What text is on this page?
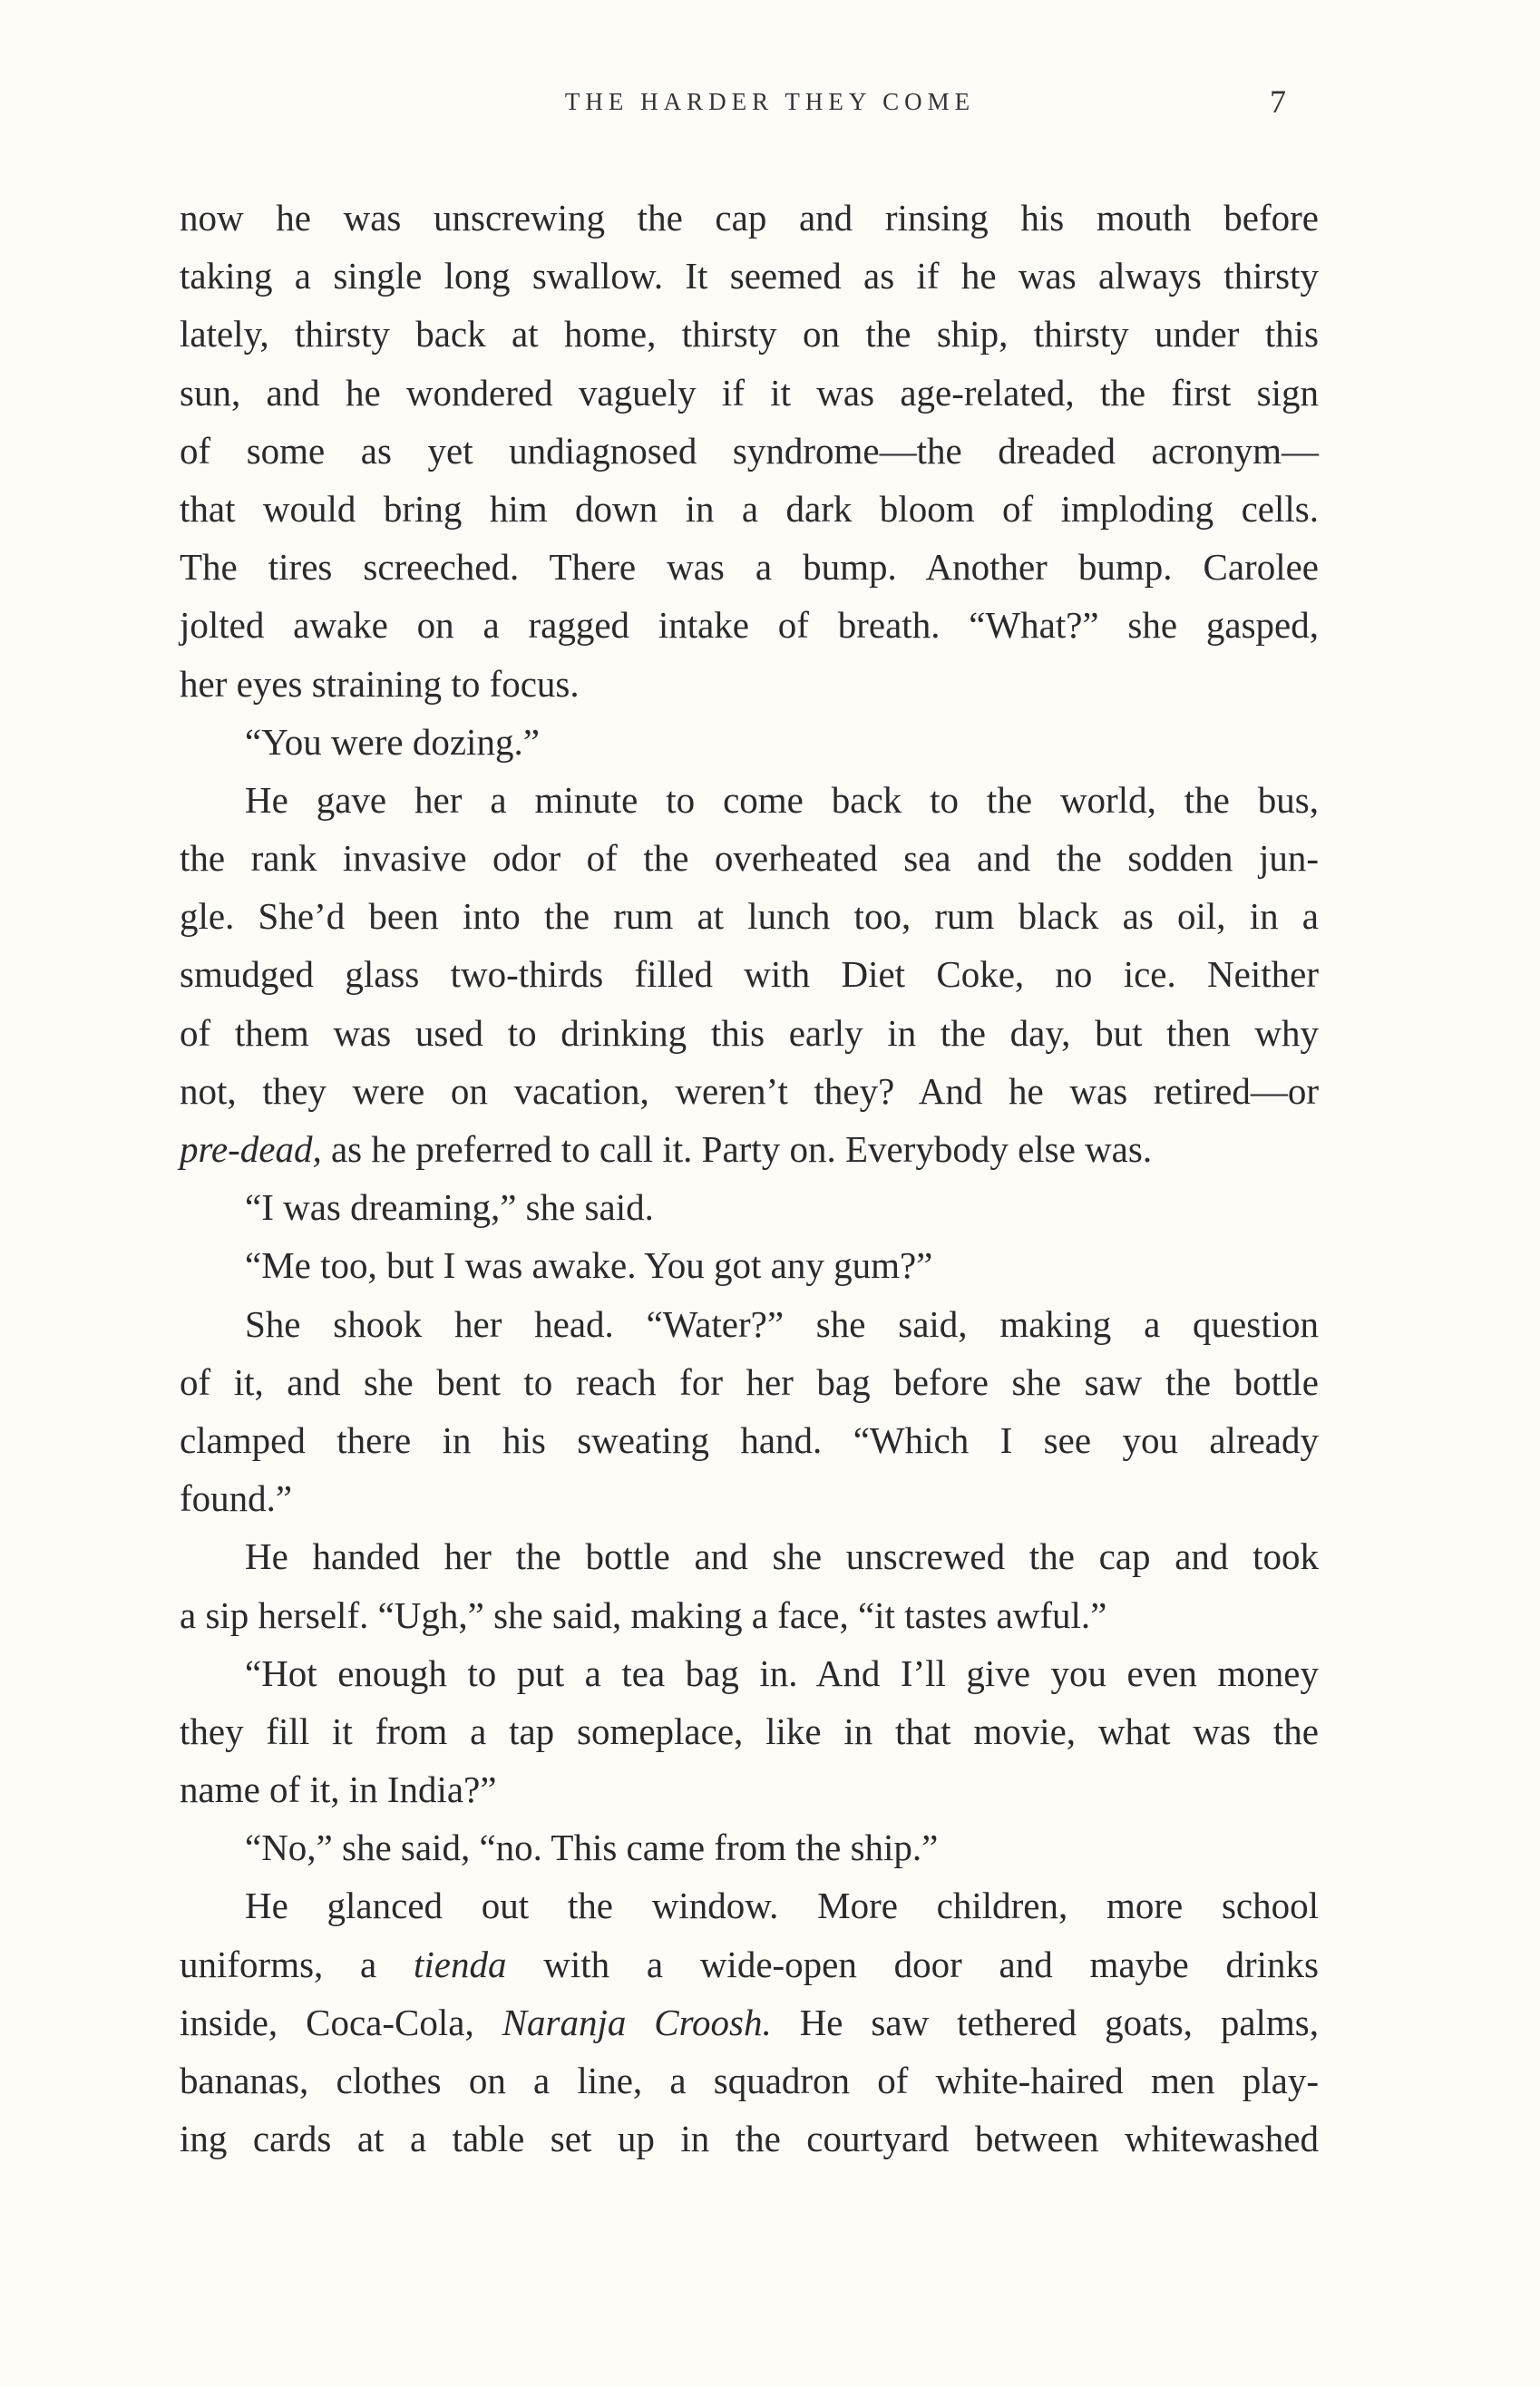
THE HARDER THEY COME	7
now he was unscrewing the cap and rinsing his mouth before
taking a single long swallow. It seemed as if he was always thirsty
lately, thirsty back at home, thirsty on the ship, thirsty under this
sun, and he wondered vaguely if it was age-related, the first sign
of some as yet undiagnosed syndrome—the dreaded acronym—
that would bring him down in a dark bloom of imploding cells.
The tires screeched. There was a bump. Another bump. Carolee
jolted awake on a ragged intake of breath. “What?” she gasped,
her eyes straining to focus.
“You were dozing.”
He gave her a minute to come back to the world, the bus,
the rank invasive odor of the overheated sea and the sodden jun-
gle. She’d been into the rum at lunch too, rum black as oil, in a
smudged glass two-thirds filled with Diet Coke, no ice. Neither
of them was used to drinking this early in the day, but then why
not, they were on vacation, weren’t they? And he was retired—or
pre-dead, as he preferred to call it. Party on. Everybody else was.
“I was dreaming,” she said.
“Me too, but I was awake. You got any gum?”
She shook her head. “Water?” she said, making a question
of it, and she bent to reach for her bag before she saw the bottle
clamped there in his sweating hand. “Which I see you already
found.”
He handed her the bottle and she unscrewed the cap and took
a sip herself. “Ugh,” she said, making a face, “it tastes awful.”
“Hot enough to put a tea bag in. And I’ll give you even money
they fill it from a tap someplace, like in that movie, what was the
name of it, in India?”
“No,” she said, “no. This came from the ship.”
He glanced out the window. More children, more school
uniforms, a tienda with a wide-open door and maybe drinks
inside, Coca-Cola, Naranja Croosh. He saw tethered goats, palms,
bananas, clothes on a line, a squadron of white-haired men play-
ing cards at a table set up in the courtyard between whitewashed
